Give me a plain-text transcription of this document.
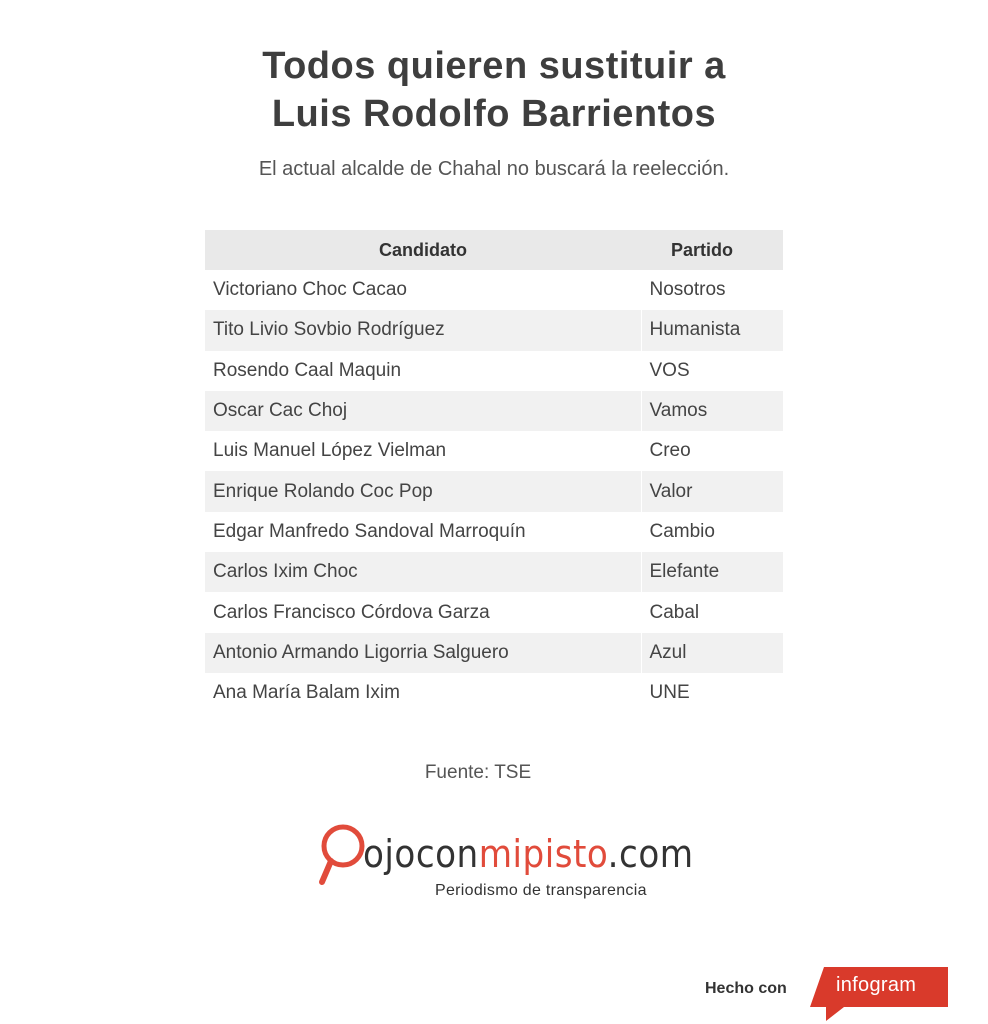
Todos quieren sustituir a
Luis Rodolfo Barrientos
El actual alcalde de Chahal no buscará la reelección.
Candidato	Partido
Victoriano Choc Cacao	Nosotros
Tito Livio Sovbio Rodríguez	Humanista
Rosendo Caal Maquin	VOS
Oscar Cac Choj	Vamos
Luis Manuel López Vielman	Creo
Enrique Rolando Coc Pop	Valor
Edgar Manfredo Sandoval Marroquín	Cambio
Carlos Ixim Choc	Elefante
Carlos Francisco Córdova Garza	Cabal
Antonio Armando Ligorria Salguero	Azul
Ana María Balam Ixim	UNE
Fuente: TSE
ojoconmipisto.com
Periodismo de transparencia
Hecho con infogram
